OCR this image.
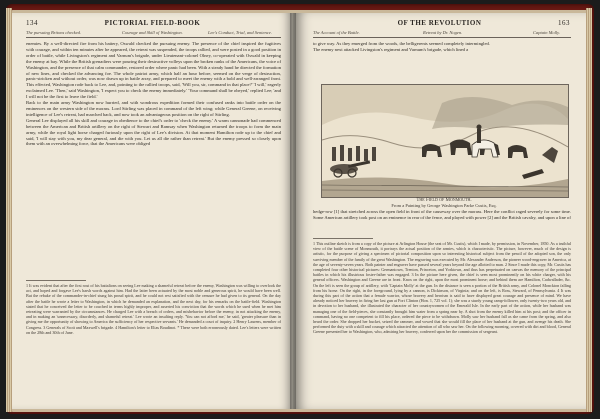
134	PICTORIAL FIELD-BOOK
The pursuing Britons checked.	Courage and Skill of Washington.	Lee's Conduct, Trial, and Sentence.
enemies. By a well-directed fire from his battery, Oswald checked the pursuing enemy. The presence of the chief inspired the fugitives with courage, and within ten minutes after he appeared, the retreat was suspended, the troops rallied, and were posted in a good position in order of battle, while Livingston's regiment and Varnum's brigade, under Lieutenant-colonel Olney, co-operated with Oswald in keeping the enemy at bay. While the British grenadiers were pouring their destructive volleys upon the broken ranks of the Americans, the voice of Washington, and the presence of that calm commander, restored order where panic had been. With a steady hand he directed the formation of new lines, and checked the advancing foe. The whole patriot army, which half an hour before, seemed on the verge of destruction, panic-stricken and without order, was now drawn up in battle array, and prepared to meet the enemy with a bold and well-arranged front. This effected, Washington rode back to Lee, and, pointing to the rallied troops, said, 'Will you, sir, command in that place?' 'I will,' eagerly exclaimed Lee. 'Then,' said Washington, 'I expect you to check the enemy immediately.' 'Your command shall be obeyed,' replied Lee; 'and I will not be the first to leave the field.'
Back to the main army Washington now hurried, and with wondrous expedition formed their confused ranks into battle order on the eminences on the western side of the morass. Lord Stirling was placed in command of the left wing; while General Greene, on receiving intelligence of Lee's retreat, had marched back, and now took an advantageous position on the right of Stirling.
General Lee displayed all his skill and courage in obedience to the chief's order to 'check the enemy.' A warm cannonade had commenced between the American and British artillery on the right of Stewart and Ramsay when Washington returned the troops to form the main army, while the royal light horse charged furiously upon the right of Lee's division. At that moment Hamilton rode up to the chief and said, 'I will stay with you, my dear general, and die with you. Let us all die rather than retreat.' But the enemy pressed so closely upon them with an overwhelming force, that the Americans were obliged
1 It was evident that after the first rout of his battalions on seeing Lee making a shameful retreat before the enemy, Washington was willing to overlook the act, and hoped and forgave Lee's harsh words against him. Had the latter been actuated by the most noble and generous spirit, he would have been well. But the rebuke of the commander-in-chief stung his proud spirit, and he could not rest satisfied with the censure he had given to its general. On the day after the battle he wrote a letter to Washington, in which he demanded an explanation, and the next day, for his remarks on the battle-field. Washington stated that he conceived the letter to be couched in terms highly improper, and asserted his conviction that the words which he used when he met him retreating were warranted by the circumstances. He charged Lee with a breach of orders, and misbehavior before the enemy, in not attacking the enemy, and in making an 'unnecessary, disorderly, and shameful retreat.' Lee wrote an insulting reply. 'You can not afford me,' he said, 'greater pleasure than in giving me the opportunity of showing to America the sufficiency of her respective servants.' He demanded a court of inquiry. 2 Henry Laurens, member of Congress. 3 Generals of Scott and Maxwell's brigade. 4 Hamilton's letter to Elias Boudinot. * These were both erroneously dated. Lee's letters were written on the 28th and 30th of June.
OF THE REVOLUTION	163
The Account of the Battle.	Retreat by Dr. Nogen.	Captain Molly.
to give way. As they emerged from the woods, the belligerents seemed completely intermingled.
The enemy next attacked Livingston's regiment and Varnum's brigade, which lined a
The Field of Monmouth.
From a Painting by George Washington Parke Custis, Esq.
hedge-row [1] that stretched across the open field in front of the causeway over the morass. Here the conflict raged severely for some time. Some American artillery took post on an eminence in rear of the fence, and played with power [2] and the British cavalry, and upon a line of
1 This outline sketch is from a copy of the picture at Arlington House (the seat of Mr. Custis), which I made, by permission, in November, 1850. As a truthful view of the battle scene of Monmouth, it portrays the actual position of the armies, which is characteristic. The picture, however, much of the design is artistic, for the purpose of giving a specimen of pictorial composition upon so interesting historical subject from the pencil of the adopted son, the only surviving member of the family of the great Washington. The engraving was executed by Mr. Alexander Anderson, the pioneer wood-engraver in America, at the age of seventy-seven years. Both painter and engraver have passed several years beyond the age allotted to man. 2 Since I made this copy, Mr. Custis has completed four other historical pictures: Germantown, Trenton, Princeton, and Yorktown, and thus has perpetuated on canvas the memory of the principal battles in which his illustrious foster-father was engaged. 3 In the picture here given, the chief is seen most prominently on his white charger, with his general officers. Washington and Greene are in front. Knox on the right, upon the most prominent horse; and behind them are Hamilton, Cadwallader, &c. On the left is seen the group of artillery, with 'Captain Molly' at the gun. In the distance is seen a portion of the British army, and Colonel Monckton falling from his horse. On the right, in the foreground, lying by a cannon, is Dickinson, of Virginia; and on the left, is Ross, Steward, of Pennsylvania. 4 It was during this part of the action that a female warrior, whose bravery and heroism is said to have displayed great courage and presence of mind. We have already noticed her bravery in firing her last gun at Fort Clinton (Hon. 1, 725 vol. 1); she was a sturdy young camp-follower, only twenty-two years old, and in devotion to her husband, she illustrated the character of her countrywomen of the Emerald Isle. In the early part of the action, while her husband was managing one of the field-pieces, she constantly brought him water from a spring near by. A shot from the enemy killed him at his post; and the officer in command, having no one competent to fill his place, ordered the piece to be withdrawn. Molly saw her husband fall as she came from the spring, and also heard the order. She dropped her bucket, seized the rammer, and vowed that she would fill the place of her husband at the gun, and avenge his death. She performed the duty with a skill and courage which attracted the attention of all who saw her. On the following morning, covered with dirt and blood, General Greene presented her to Washington, who, admiring her bravery, conferred upon her the commission of sergeant.
